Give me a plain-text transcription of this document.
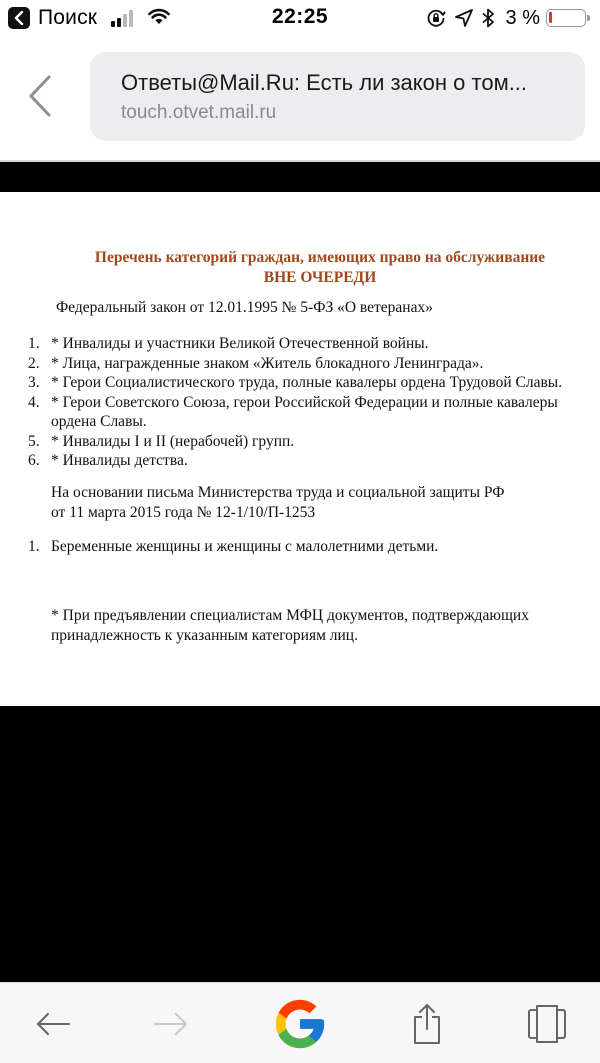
Поиск	22:25	3 %
Ответы@Mail.Ru: Есть ли закон о том...
touch.otvet.mail.ru
Перечень категорий граждан, имеющих право на обслуживание
ВНЕ ОЧЕРЕДИ
Федеральный закон от 12.01.1995 № 5-ФЗ «О ветеранах»
1. * Инвалиды и участники Великой Отечественной войны.
2. * Лица, награжденные знаком «Житель блокадного Ленинграда».
3. * Герои Социалистического труда, полные кавалеры ордена Трудовой Славы.
4. * Герои Советского Союза, герои Российской Федерации и полные кавалеры ордена Славы.
5. * Инвалиды I и II (нерабочей) групп.
6. * Инвалиды детства.
На основании письма Министерства труда и социальной защиты РФ
от 11 марта 2015 года № 12-1/10/П-1253
1. Беременные женщины и женщины с малолетними детьми.
* При предъявлении специалистам МФЦ документов, подтверждающих
принадлежность к указанным категориям лиц.
